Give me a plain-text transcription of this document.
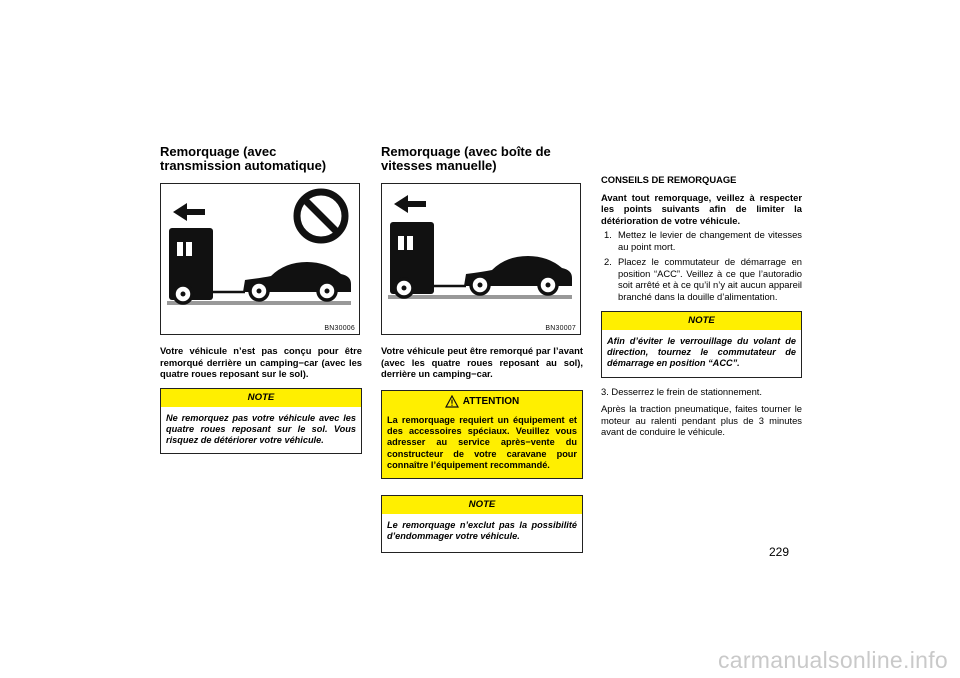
Remorquage (avec
transmission automatique)
BN30006

Votre véhicule n’est pas conçu pour être remorqué derrière un camping−car (avec les quatre roues reposant sur le sol).

NOTE
Ne remorquez pas votre véhicule avec les quatre roues reposant sur le sol. Vous risquez de détériorer votre véhicule.
Remorquage (avec boîte de
vitesses manuelle)
BN30007

Votre véhicule peut être remorqué par l’avant (avec les quatre roues reposant au sol), derrière un camping−car.

ATTENTION
La remorquage requiert un équipement et des accessoires spéciaux. Veuillez vous adresser au service après−vente du constructeur de votre caravane pour connaître l’équipement recommandé.
NOTE
Le remorquage n’exclut pas la possibilité d’endommager votre véhicule.
CONSEILS DE REMORQUAGE

Avant tout remorquage, veillez à respecter les points suivants afin de limiter la détérioration de votre véhicule.

1. Mettez le levier de changement de vitesses au point mort.
2. Placez le commutateur de démarrage en position “ACC”. Veillez à ce que l’autoradio soit arrêté et à ce qu’il n’y ait aucun appareil branché dans la douille d’alimentation.
NOTE
Afin d’éviter le verrouillage du volant de direction, tournez le commutateur de démarrage en position “ACC”.

3. Desserrez le frein de stationnement.

Après la traction pneumatique, faites tourner le moteur au ralenti pendant plus de 3 minutes avant de conduire le véhicule.

229
carmanualsonline.info
